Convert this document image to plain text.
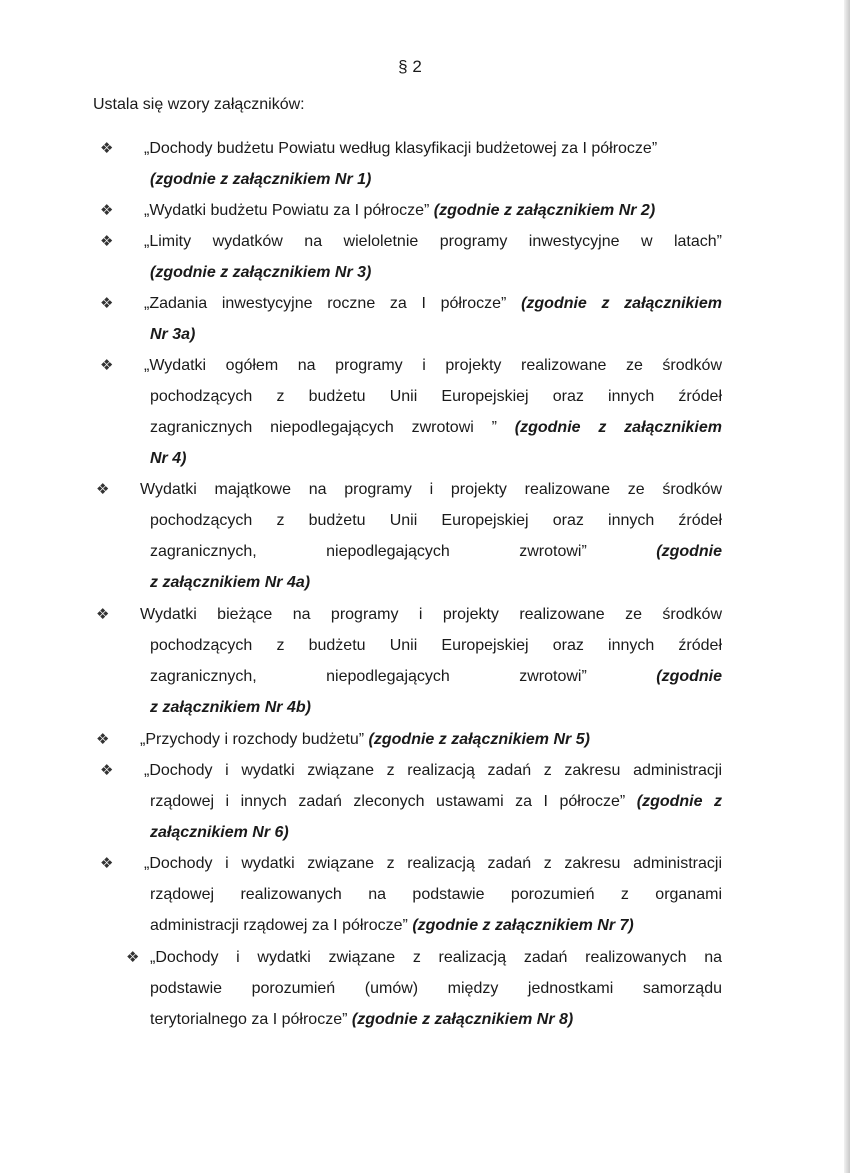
§ 2
Ustala się wzory załączników:
❖ „Dochody budżetu Powiatu według klasyfikacji budżetowej za I półrocze”
(zgodnie z załącznikiem Nr 1)
❖ „Wydatki budżetu Powiatu za I półrocze” (zgodnie z załącznikiem Nr 2)
❖ „Limity wydatków na wieloletnie programy inwestycyjne w latach”
(zgodnie z załącznikiem Nr 3)
❖ „Zadania inwestycyjne roczne za I półrocze” (zgodnie z załącznikiem
Nr 3a)
❖ „Wydatki ogółem na programy i projekty realizowane ze środków
pochodzących z budżetu Unii Europejskiej oraz innych źródeł
zagranicznych niepodlegających zwrotowi ” (zgodnie z załącznikiem
Nr 4)
❖ Wydatki majątkowe na programy i projekty realizowane ze środków
pochodzących z budżetu Unii Europejskiej oraz innych źródeł
zagranicznych, niepodlegających zwrotowi” (zgodnie
z załącznikiem Nr 4a)
❖ Wydatki bieżące na programy i projekty realizowane ze środków
pochodzących z budżetu Unii Europejskiej oraz innych źródeł
zagranicznych, niepodlegających zwrotowi” (zgodnie
z załącznikiem Nr 4b)
❖ „Przychody i rozchody budżetu” (zgodnie z załącznikiem Nr 5)
❖ „Dochody i wydatki związane z realizacją zadań z zakresu administracji
rządowej i innych zadań zleconych ustawami za I półrocze” (zgodnie z
załącznikiem Nr 6)
❖ „Dochody i wydatki związane z realizacją zadań z zakresu administracji
rządowej realizowanych na podstawie porozumień z organami
administracji rządowej za I półrocze” (zgodnie z załącznikiem Nr 7)
❖ „Dochody i wydatki związane z realizacją zadań realizowanych na
podstawie porozumień (umów) między jednostkami samorządu
terytorialnego za I półrocze” (zgodnie z załącznikiem Nr 8)
